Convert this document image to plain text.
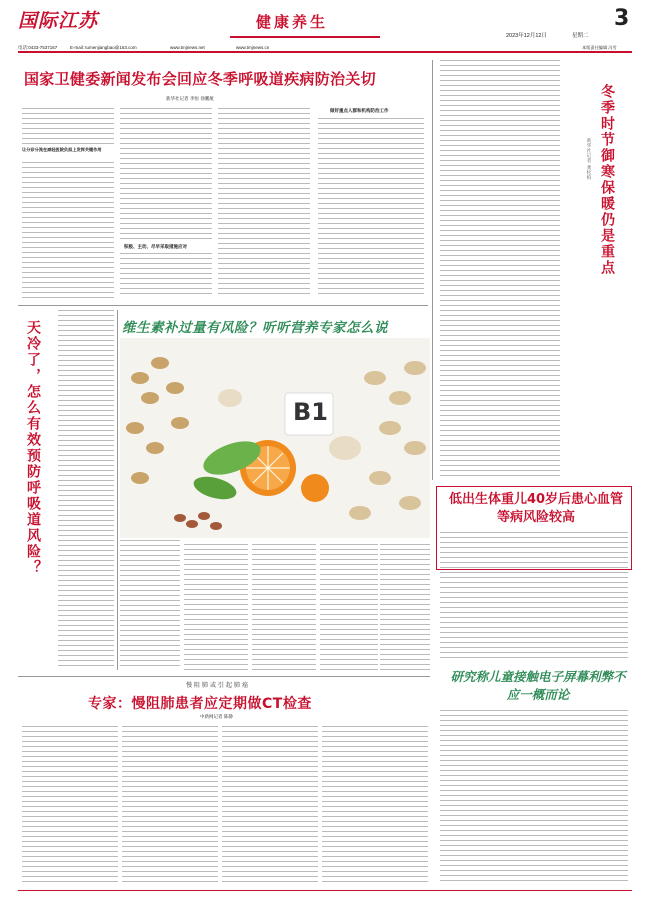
国际江苏	健康养生	3
电话:0433-7537167	E-mail: tumenjiangbao@163.com	www.tmjnews.net	www.tmjnews.cn
2023年12月12日	星期二
本版责任编辑 冯雪
国家卫健委新闻发布会回应冬季呼吸道疾病防治关切
新华社记者 李恒 徐鹏航
让分诊分流在减轻医院负担上发挥关键作用
积极、主动、尽早采取措施应对
做好重点人群和机构防治工作	冬季时节御寒保暖仍是重点
新华社记者 龚松柏
天冷了，怎么有效预防呼吸道风险？	维生素补过量有风险？听听营养专家怎么说
B1
低出生体重儿40岁后患心血管等病风险较高
研究称儿童接触电子屏幕利弊不应一概而论
慢阻肺或引起肺癌
专家：慢阻肺患者应定期做CT检查
中新网记者 陈静
